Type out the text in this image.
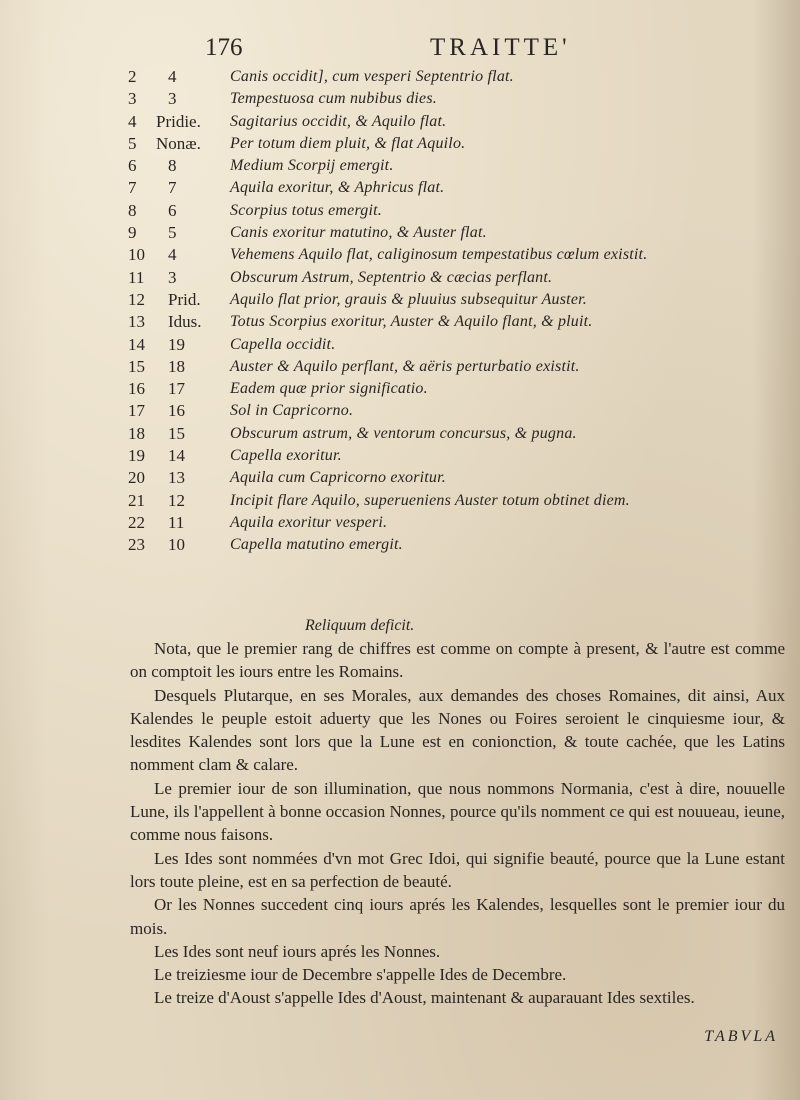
176	TRAITTE'
2	4	Canis occidit], cum vesperi Septentrio flat.
3	3	Tempestuosa cum nubibus dies.
4	Pridie.	Sagitarius occidit, & Aquilo flat.
5	Nonæ.	Per totum diem pluit, & flat Aquilo.
6	8	Medium Scorpij emergit.
7	7	Aquila exoritur, & Aphricus flat.
8	6	Scorpius totus emergit.
9	5	Canis exoritur matutino, & Auster flat.
10	4	Vehemens Aquilo flat, caliginosum tempestatibus cœlum existit.
11	3	Obscurum Astrum, Septentrio & cæcias perflant.
12	Prid.	Aquilo flat prior, grauis & pluuius subsequitur Auster.
13	Idus.	Totus Scorpius exoritur, Auster & Aquilo flant, & pluit.
14	19	Capella occidit.
15	18	Auster & Aquilo perflant, & aëris perturbatio existit.
16	17	Eadem quæ prior significatio.
17	16	Sol in Capricorno.
18	15	Obscurum astrum, & ventorum concursus, & pugna.
19	14	Capella exoritur.
20	13	Aquila cum Capricorno exoritur.
21	12	Incipit flare Aquilo, superueniens Auster totum obtinet diem.
22	11	Aquila exoritur vesperi.
23	10	Capella matutino emergit.
Reliquum deficit.

Nota, que le premier rang de chiffres est comme on compte à present, & l'autre est comme on comptoit les iours entre les Romains.

Desquels Plutarque, en ses Morales, aux demandes des choses Romaines, dit ainsi, Aux Kalendes le peuple estoit aduerty que les Nones ou Foires seroient le cinquiesme iour, & lesdites Kalendes sont lors que la Lune est en conionction, & toute cachée, que les Latins nomment clam & calare.

Le premier iour de son illumination, que nous nommons Normania, c'est à dire, nouuelle Lune, ils l'appellent à bonne occasion Nonnes, pource qu'ils nomment ce qui est nouueau, ieune, comme nous faisons.

Les Ides sont nommées d'vn mot Grec Idoi, qui signifie beauté, pource que la Lune estant lors toute pleine, est en sa perfection de beauté.

Or les Nonnes succedent cinq iours aprés les Kalendes, lesquelles sont le premier iour du mois.

Les Ides sont neuf iours aprés les Nonnes.

Le treiziesme iour de Decembre s'appelle Ides de Decembre.

Le treize d'Aoust s'appelle Ides d'Aoust, maintenant & auparauant Ides sextiles.

TABVLA
